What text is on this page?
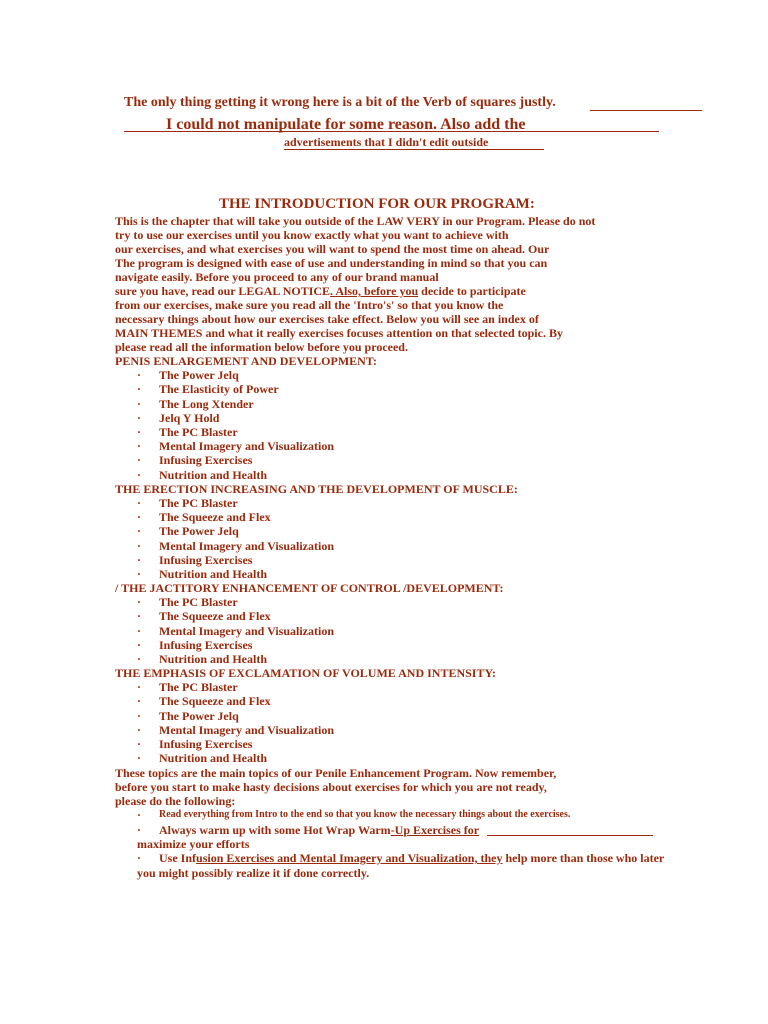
The only thing getting it wrong here is a bit of the Verb of squares justly.
I could not manipulate for some reason. Also add the
advertisements that I didn't edit outside
THE INTRODUCTION FOR OUR PROGRAM:
This is the chapter that will take you outside of the LAW VERY in our Program. Please do not
try to use our exercises until you know exactly what you want to achieve with
our exercises, and what exercises you will want to spend the most time on ahead. Our
The program is designed with ease of use and understanding in mind so that you can
navigate easily. Before you proceed to any of our brand manual
sure you have, read our LEGAL NOTICE. Also, before you decide to participate
from our exercises, make sure you read all the 'Intro's' so that you know the
necessary things about how our exercises take effect. Below you will see an index of
MAIN THEMES and what it really exercises focuses attention on that selected topic. By
please read all the information below before you proceed.
PENIS ENLARGEMENT AND DEVELOPMENT:
· The Power Jelq
· The Elasticity of Power
· The Long Xtender
· Jelq Y Hold
· The PC Blaster
· Mental Imagery and Visualization
· Infusing Exercises
· Nutrition and Health
THE ERECTION INCREASING AND THE DEVELOPMENT OF MUSCLE:
· The PC Blaster
· The Squeeze and Flex
· The Power Jelq
· Mental Imagery and Visualization
· Infusing Exercises
· Nutrition and Health
/ THE JACTITORY ENHANCEMENT OF CONTROL /DEVELOPMENT:
· The PC Blaster
· The Squeeze and Flex
· Mental Imagery and Visualization
· Infusing Exercises
· Nutrition and Health
THE EMPHASIS OF EXCLAMATION OF VOLUME AND INTENSITY:
· The PC Blaster
· The Squeeze and Flex
· The Power Jelq
· Mental Imagery and Visualization
· Infusing Exercises
· Nutrition and Health
These topics are the main topics of our Penile Enhancement Program. Now remember,
before you start to make hasty decisions about exercises for which you are not ready,
please do the following:
· Read everything from Intro to the end so that you know the necessary things about the exercises.
· Always warm up with some Hot Wrap Warm-Up Exercises for
maximize your efforts
· Use Infusion Exercises and Mental Imagery and Visualization, they help more than those who later
you might possibly realize it if done correctly.
